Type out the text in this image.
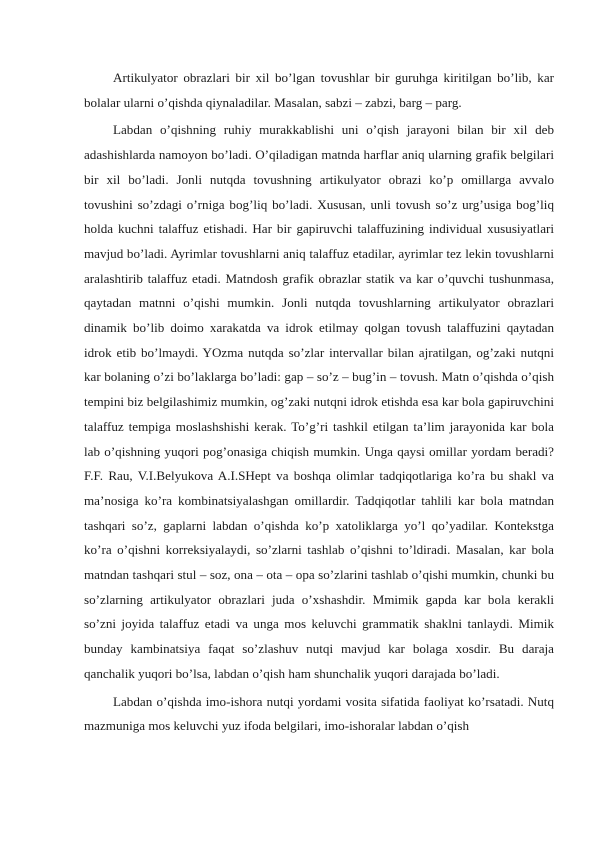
Artikulyator obrazlari bir xil bo’lgan tovushlar bir guruhga kiritilgan bo’lib, kar bolalar ularni o’qishda qiynaladilar. Masalan, sabzi – zabzi, barg – parg.

Labdan o’qishning ruhiy murakkablishi uni o’qish jarayoni bilan bir xil deb adashishlarda namoyon bo’ladi. O’qiladigan matnda harflar aniq ularning grafik belgilari bir xil bo’ladi. Jonli nutqda tovushning artikulyator obrazi ko’p omillarga avvalo tovushini so’zdagi o’rniga bog’liq bo’ladi. Xususan, unli tovush so’z urg’usiga bog’liq holda kuchni talaffuz etishadi. Har bir gapiruvchi talaffuzining individual xususiyatlari mavjud bo’ladi. Ayrimlar tovushlarni aniq talaffuz etadilar, ayrimlar tez lekin tovushlarni aralashtirib talaffuz etadi. Matndosh grafik obrazlar statik va kar o’quvchi tushunmasa, qaytadan matnni o’qishi mumkin. Jonli nutqda tovushlarning artikulyator obrazlari dinamik bo’lib doimo xarakatda va idrok etilmay qolgan tovush talaffuzini qaytadan idrok etib bo’lmaydi. YOzma nutqda so’zlar intervallar bilan ajratilgan, og’zaki nutqni kar bolaning o’zi bo’laklarga bo’ladi: gap – so’z – bug’in – tovush. Matn o’qishda o’qish tempini biz belgilashimiz mumkin, og’zaki nutqni idrok etishda esa kar bola gapiruvchini talaffuz tempiga moslashshishi kerak. To’g’ri tashkil etilgan ta’lim jarayonida kar bola lab o’qishning yuqori pog’onasiga chiqish mumkin. Unga qaysi omillar yordam beradi? F.F. Rau, V.I.Belyukova A.I.SHept va boshqa olimlar tadqiqotlariga ko’ra bu shakl va ma’nosiga ko’ra kombinatsiyalashgan omillardir. Tadqiqotlar tahlili kar bola matndan tashqari so’z, gaplarni labdan o’qishda ko’p xatoliklarga yo’l qo’yadilar. Kontekstga ko’ra o’qishni korreksiyalaydi, so’zlarni tashlab o’qishni to’ldiradi. Masalan, kar bola matndan tashqari stul – soz, ona – ota – opa so’zlarini tashlab o’qishi mumkin, chunki bu so’zlarning artikulyator obrazlari juda o’xshashdir. Mmimik gapda kar bola kerakli so’zni joyida talaffuz etadi va unga mos keluvchi grammatik shaklni tanlaydi. Mimik bunday kambinatsiya faqat so’zlashuv nutqi mavjud kar bolaga xosdir. Bu daraja qanchalik yuqori bo’lsa, labdan o’qish ham shunchalik yuqori darajada bo’ladi.

Labdan o’qishda imo-ishora nutqi yordami vosita sifatida faoliyat ko’rsatadi. Nutq mazmuniga mos keluvchi yuz ifoda belgilari, imo-ishoralar labdan o’qish
